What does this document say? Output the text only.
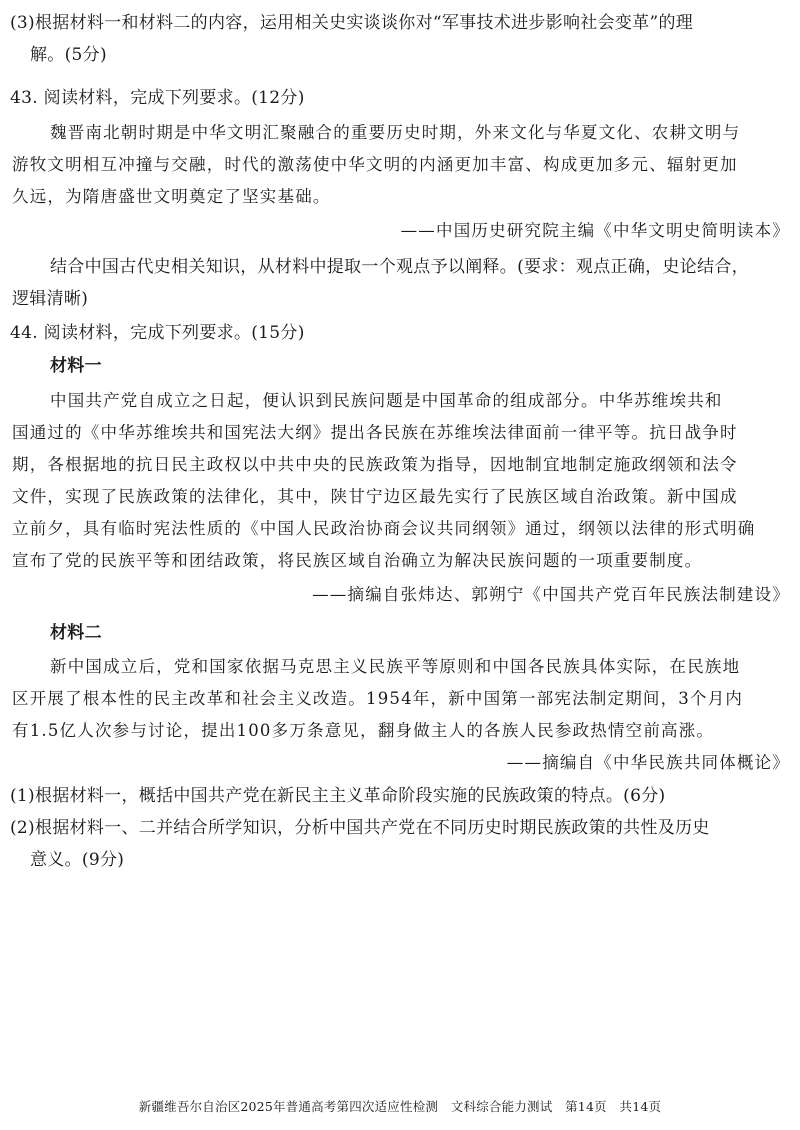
(3)根据材料一和材料二的内容，运用相关史实谈谈你对“军事技术进步影响社会变革”的理
解。(5分)
43. 阅读材料，完成下列要求。(12分)
魏晋南北朝时期是中华文明汇聚融合的重要历史时期，外来文化与华夏文化、农耕文明与
游牧文明相互冲撞与交融，时代的激荡使中华文明的内涵更加丰富、构成更加多元、辐射更加
久远，为隋唐盛世文明奠定了坚实基础。
——中国历史研究院主编《中华文明史简明读本》
结合中国古代史相关知识，从材料中提取一个观点予以阐释。(要求：观点正确，史论结合，
逻辑清晰)
44. 阅读材料，完成下列要求。(15分)
材料一
中国共产党自成立之日起，便认识到民族问题是中国革命的组成部分。中华苏维埃共和
国通过的《中华苏维埃共和国宪法大纲》提出各民族在苏维埃法律面前一律平等。抗日战争时
期，各根据地的抗日民主政权以中共中央的民族政策为指导，因地制宜地制定施政纲领和法令
文件，实现了民族政策的法律化，其中，陕甘宁边区最先实行了民族区域自治政策。新中国成
立前夕，具有临时宪法性质的《中国人民政治协商会议共同纲领》通过，纲领以法律的形式明确
宣布了党的民族平等和团结政策，将民族区域自治确立为解决民族问题的一项重要制度。
——摘编自张炜达、郭朔宁《中国共产党百年民族法制建设》
材料二
新中国成立后，党和国家依据马克思主义民族平等原则和中国各民族具体实际，在民族地
区开展了根本性的民主改革和社会主义改造。1954年，新中国第一部宪法制定期间，3个月内
有1.5亿人次参与讨论，提出100多万条意见，翻身做主人的各族人民参政热情空前高涨。
——摘编自《中华民族共同体概论》
(1)根据材料一，概括中国共产党在新民主主义革命阶段实施的民族政策的特点。(6分)
(2)根据材料一、二并结合所学知识，分析中国共产党在不同历史时期民族政策的共性及历史
意义。(9分)
新疆维吾尔自治区2025年普通高考第四次适应性检测　文科综合能力测试　第14页　共14页
